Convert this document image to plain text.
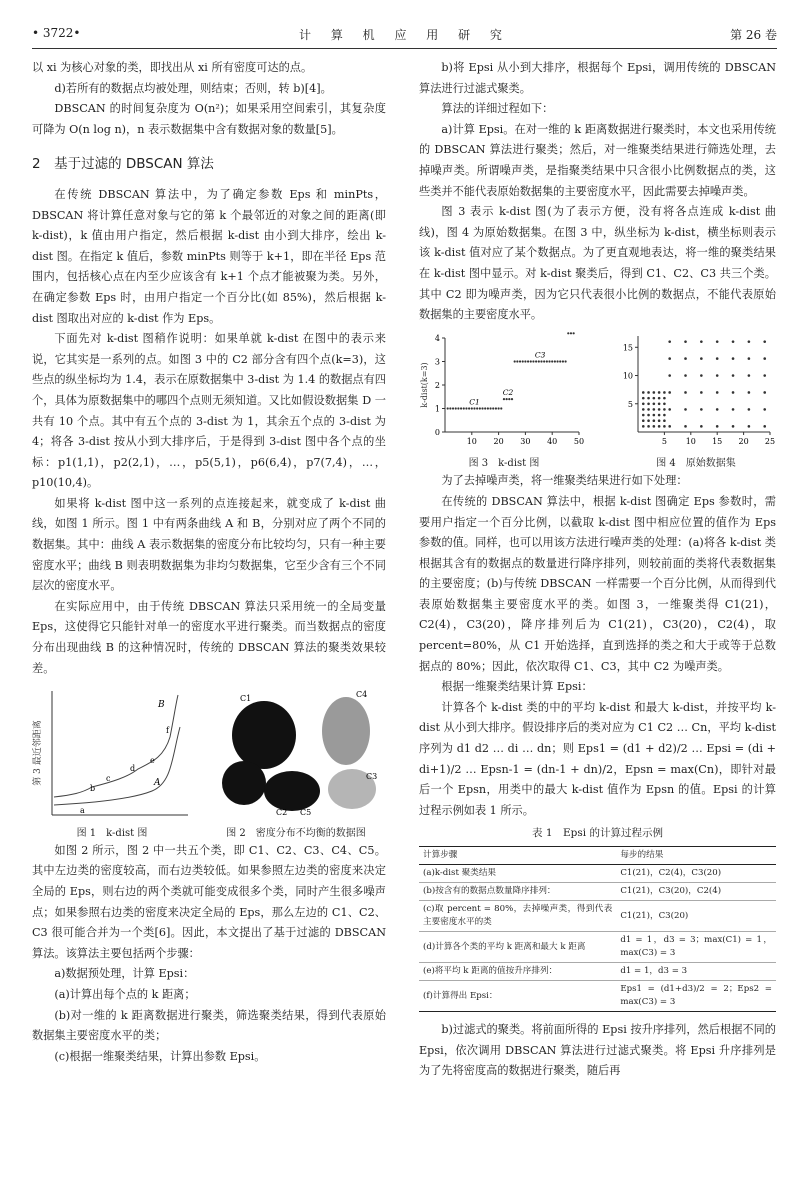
• 3722•	计 算 机 应 用 研 究	第 26 卷

以 xi 为核心对象的类，即找出从 xi 所有密度可达的点。

d)若所有的数据点均被处理，则结束；否则，转 b)[4]。

DBSCAN 的时间复杂度为 O(n²)；如果采用空间索引，其复杂度可降为 O(n log n)，n 表示数据集中含有数据对象的数量[5]。

2　基于过滤的 DBSCAN 算法

在传统 DBSCAN 算法中，为了确定参数 Eps 和 minPts，DBSCAN 将计算任意对象与它的第 k 个最邻近的对象之间的距离(即 k-dist)，k 值由用户指定，然后根据 k-dist 由小到大排序，绘出 k-dist 图。在指定 k 值后，参数 minPts 则等于 k+1，即在半径 Eps 范围内，包括核心点在内至少应该含有 k+1 个点才能被聚为类。另外，在确定参数 Eps 时，由用户指定一个百分比(如 85%)，然后根据 k-dist 图取出对应的 k-dist 作为 Eps。

下面先对 k-dist 图稍作说明：如果单就 k-dist 在图中的表示来说，它其实是一系列的点。如图 3 中的 C2 部分含有四个点(k=3)，这些点的纵坐标均为 1.4，表示在原数据集中 3-dist 为 1.4 的数据点有四个，具体为原数据集中的哪四个点则无须知道。又比如假设数据集 D 一共有 10 个点。其中有五个点的 3-dist 为 1，其余五个点的 3-dist 为 4；将各 3-dist 按从小到大排序后，于是得到 3-dist 图中各个点的坐标：p1(1,1)，p2(2,1)，…，p5(5,1)，p6(6,4)，p7(7,4)，…，p10(10,4)。

如果将 k-dist 图中这一系列的点连接起来，就变成了 k-dist 曲线，如图 1 所示。图 1 中有两条曲线 A 和 B，分别对应了两个不同的数据集。其中：曲线 A 表示数据集的密度分布比较均匀，只有一种主要密度水平；曲线 B 则表明数据集为非均匀数据集，它至少含有三个不同层次的密度水平。

在实际应用中，由于传统 DBSCAN 算法只采用统一的全局变量 Eps，这使得它只能针对单一的密度水平进行聚类。而当数据点的密度分布出现曲线 B 的这种情况时，传统的 DBSCAN 算法的聚类效果较差。

第 3 最近邻距离	A
B
a
b
c
d
e
f
图 1　k-dist 图
C1	C4
C3
C5
C2
图 2　密度分布不均衡的数据图

如图 2 所示，图 2 中一共五个类，即 C1、C2、C3、C4、C5。其中左边类的密度较高，而右边类较低。如果参照左边类的密度来决定全局的 Eps，则右边的两个类就可能变成很多个类，同时产生很多噪声点；如果参照右边类的密度来决定全局的 Eps，那么左边的 C1、C2、C3 很可能合并为一个类[6]。因此，本文提出了基于过滤的 DBSCAN 算法。该算法主要包括两个步骤：

a)数据预处理，计算 Epsi：

(a)计算出每个点的 k 距离；

(b)对一维的 k 距离数据进行聚类，筛选聚类结果，得到代表原始数据集主要密度水平的类；

(c)根据一维聚类结果，计算出参数 Epsi。

b)将 Epsi 从小到大排序，根据每个 Epsi，调用传统的 DBSCAN 算法进行过滤式聚类。

算法的详细过程如下：

a)计算 Epsi。在对一维的 k 距离数据进行聚类时，本文也采用传统的 DBSCAN 算法进行聚类；然后，对一维聚类结果进行筛选处理，去掉噪声类。所谓噪声类，是指聚类结果中只含很小比例数据点的类，这些类并不能代表原始数据集的主要密度水平，因此需要去掉噪声类。

图 3 表示 k-dist 图(为了表示方便，没有将各点连成 k-dist 曲线)，图 4 为原始数据集。在图 3 中，纵坐标为 k-dist，横坐标则表示该 k-dist 值对应了某个数据点。为了更直观地表达，将一维的聚类结果在 k-dist 图中显示。对 k-dist 聚类后，得到 C1、C2、C3 共三个类。其中 C2 即为噪声类，因为它只代表很小比例的数据点，不能代表原始数据集的主要密度水平。

k-dist(k=3)
0
1
2
3
4
10 20 30 40 50
C1
C2
C3
图 3　k-dist 图
5
10
15
5 10 15 20 25
图 4　原始数据集

为了去掉噪声类，将一维聚类结果进行如下处理：

在传统的 DBSCAN 算法中，根据 k-dist 图确定 Eps 参数时，需要用户指定一个百分比例，以截取 k-dist 图中相应位置的值作为 Eps 参数的值。同样，也可以用该方法进行噪声类的处理：(a)将各 k-dist 类根据其含有的数据点的数量进行降序排列，则较前面的类将代表数据集的主要密度；(b)与传统 DBSCAN 一样需要一个百分比例，从而得到代表原始数据集主要密度水平的类。如图 3，一维聚类得 C1(21)，C2(4)，C3(20)，降序排列后为 C1(21)，C3(20)，C2(4)，取 percent=80%，从 C1 开始选择，直到选择的类之和大于或等于总数据点的 80%；因此，依次取得 C1、C3，其中 C2 为噪声类。

根据一维聚类结果计算 Epsi：

计算各个 k-dist 类的中的平均 k-dist 和最大 k-dist，并按平均 k-dist 从小到大排序。假设排序后的类对应为 C1 C2 … Cn，平均 k-dist 序列为 d1 d2 … di … dn；则 Eps1 = (d1 + d2)/2 … Epsi = (di + di+1)/2 … Epsn-1 = (dn-1 + dn)/2，Epsn = max(Cn)，即针对最后一个 Epsn，用类中的最大 k-dist 值作为 Epsn 的值。Epsi 的计算过程示例如表 1 所示。

表 1　Epsi 的计算过程示例

计算步骤	每步的结果
(a)k-dist 聚类结果	C1(21)，C2(4)，C3(20)
(b)按含有的数据点数量降序排列：	C1(21)，C3(20)，C2(4)
(c)取 percent = 80%，去掉噪声类，得到代表主要密度水平的类	C1(21)，C3(20)
(d)计算各个类的平均 k 距离和最大 k 距离	d1 = 1，d3 = 3；max(C1) = 1，max(C3) = 3
(e)将平均 k 距离的值按升序排列：	d1 = 1，d3 = 3
(f)计算得出 Epsi：	Eps1 = (d1+d3)/2 = 2；Eps2 = max(C3) = 3

b)过滤式的聚类。将前面所得的 Epsi 按升序排列，然后根据不同的 Epsi，依次调用 DBSCAN 算法进行过滤式聚类。将 Epsi 升序排列是为了先将密度高的数据进行聚类，随后再
